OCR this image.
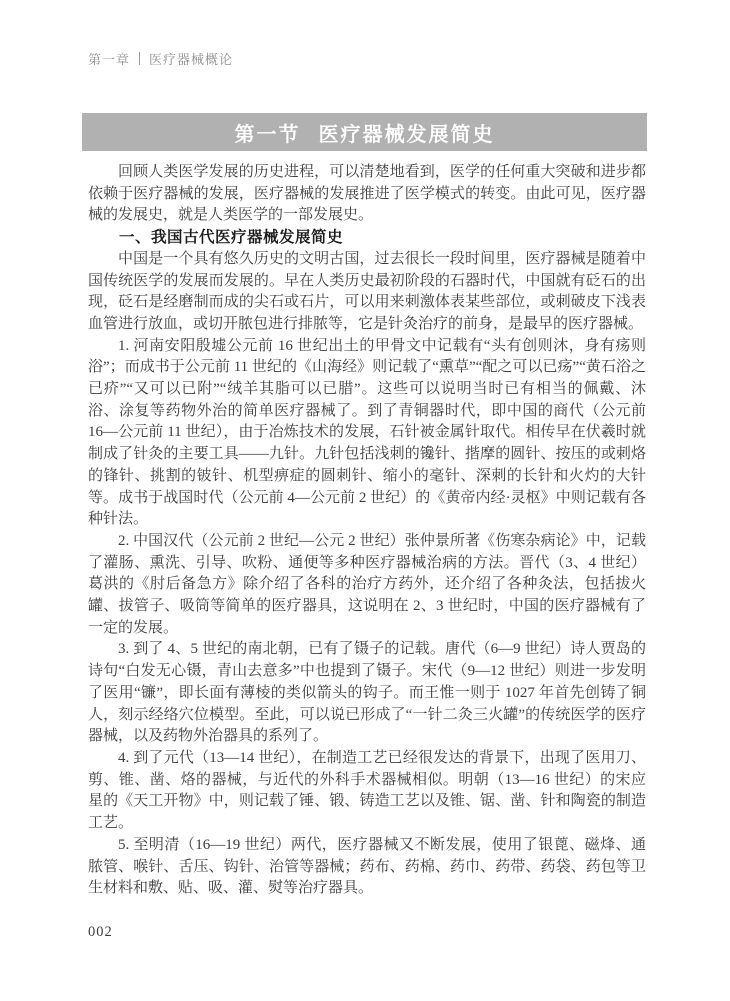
第一章 医疗器械概论
第一节 医疗器械发展简史

回顾人类医学发展的历史进程，可以清楚地看到，医学的任何重大突破和进步都依赖于医疗器械的发展，医疗器械的发展推进了医学模式的转变。由此可见，医疗器械的发展史，就是人类医学的一部发展史。

一、我国古代医疗器械发展简史

中国是一个具有悠久历史的文明古国，过去很长一段时间里，医疗器械是随着中国传统医学的发展而发展的。早在人类历史最初阶段的石器时代，中国就有砭石的出现，砭石是经磨制而成的尖石或石片，可以用来刺激体表某些部位，或刺破皮下浅表血管进行放血，或切开脓包进行排脓等，它是针灸治疗的前身，是最早的医疗器械。

1. 河南安阳殷墟公元前 16 世纪出土的甲骨文中记载有“头有创则沐，身有疡则浴”；而成书于公元前 11 世纪的《山海经》则记载了“熏草”“配之可以已疡”“黄石浴之已疥”“又可以已附”“绒羊其脂可以已腊”。这些可以说明当时已有相当的佩戴、沐浴、涂复等药物外治的简单医疗器械了。到了青铜器时代，即中国的商代（公元前 16—公元前 11 世纪），由于冶炼技术的发展，石针被金属针取代。相传早在伏羲时就制成了针灸的主要工具——九针。九针包括浅刺的镵针、揩摩的圆针、按压的或刺烙的锋针、挑割的铍针、机型痹症的圆刺针、缩小的毫针、深刺的长针和火灼的大针等。成书于战国时代（公元前 4—公元前 2 世纪）的《黄帝内经·灵枢》中则记载有各种针法。

2. 中国汉代（公元前 2 世纪—公元 2 世纪）张仲景所著《伤寒杂病论》中，记载了灌肠、熏洗、引导、吹粉、通便等多种医疗器械治病的方法。晋代（3、4 世纪）葛洪的《肘后备急方》除介绍了各科的治疗方药外，还介绍了各种灸法，包括拔火罐、拔管子、吸筒等简单的医疗器具，这说明在 2、3 世纪时，中国的医疗器械有了一定的发展。

3. 到了 4、5 世纪的南北朝，已有了镊子的记载。唐代（6—9 世纪）诗人贾岛的诗句“白发无心镊，青山去意多”中也提到了镊子。宋代（9—12 世纪）则进一步发明了医用“镰”，即长面有薄棱的类似箭头的钩子。而王惟一则于 1027 年首先创铸了铜人，刻示经络穴位模型。至此，可以说已形成了“一针二灸三火罐”的传统医学的医疗器械，以及药物外治器具的系列了。

4. 到了元代（13—14 世纪），在制造工艺已经很发达的背景下，出现了医用刀、剪、锥、凿、烙的器械，与近代的外科手术器械相似。明朝（13—16 世纪）的宋应星的《天工开物》中，则记载了锤、锻、铸造工艺以及锥、锯、凿、针和陶瓷的制造工艺。

5. 至明清（16—19 世纪）两代，医疗器械又不断发展，使用了银蓖、磁烽、通脓管、喉针、舌压、钩针、治管等器械；药布、药棉、药巾、药带、药袋、药包等卫生材料和敷、贴、吸、灌、熨等治疗器具。

002
